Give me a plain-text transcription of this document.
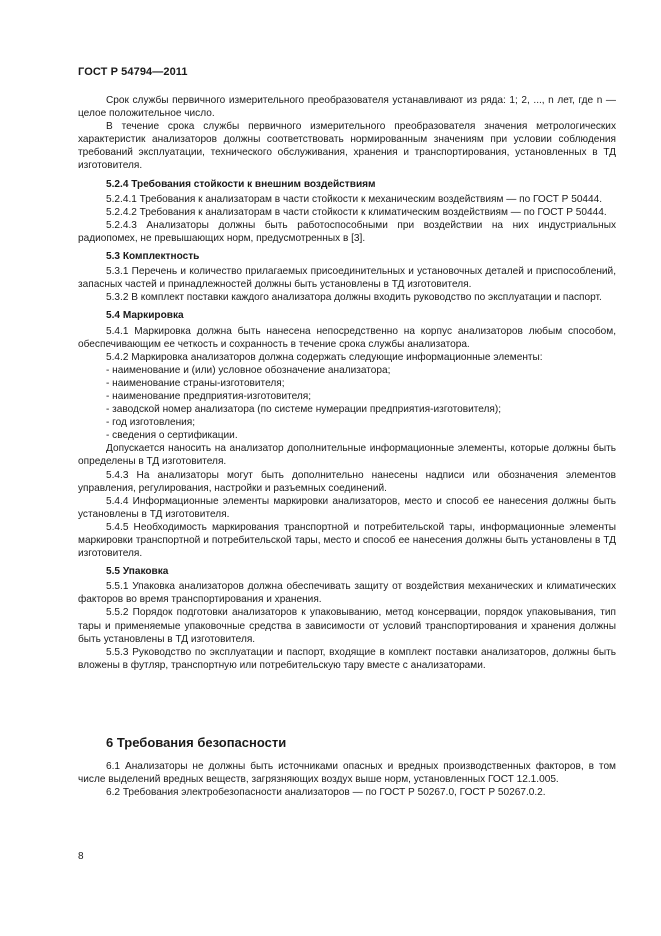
ГОСТ Р 54794—2011

Срок службы первичного измерительного преобразователя устанавливают из ряда: 1; 2, ..., n лет, где n — целое положительное число.

В течение срока службы первичного измерительного преобразователя значения метрологических характеристик анализаторов должны соответствовать нормированным значениям при условии соблюдения требований эксплуатации, технического обслуживания, хранения и транспортирования, установленных в ТД изготовителя.

5.2.4 Требования стойкости к внешним воздействиям

5.2.4.1 Требования к анализаторам в части стойкости к механическим воздействиям — по ГОСТ Р 50444.

5.2.4.2 Требования к анализаторам в части стойкости к климатическим воздействиям — по ГОСТ Р 50444.

5.2.4.3 Анализаторы должны быть работоспособными при воздействии на них индустриальных радиопомех, не превышающих норм, предусмотренных в [3].

5.3 Комплектность

5.3.1 Перечень и количество прилагаемых присоединительных и установочных деталей и приспособлений, запасных частей и принадлежностей должны быть установлены в ТД изготовителя.

5.3.2 В комплект поставки каждого анализатора должны входить руководство по эксплуатации и паспорт.

5.4 Маркировка

5.4.1 Маркировка должна быть нанесена непосредственно на корпус анализаторов любым способом, обеспечивающим ее четкость и сохранность в течение срока службы анализатора.

5.4.2 Маркировка анализаторов должна содержать следующие информационные элементы:

- наименование и (или) условное обозначение анализатора;

- наименование страны-изготовителя;

- наименование предприятия-изготовителя;

- заводской номер анализатора (по системе нумерации предприятия-изготовителя);

- год изготовления;

- сведения о сертификации.

Допускается наносить на анализатор дополнительные информационные элементы, которые должны быть определены в ТД изготовителя.

5.4.3 На анализаторы могут быть дополнительно нанесены надписи или обозначения элементов управления, регулирования, настройки и разъемных соединений.

5.4.4 Информационные элементы маркировки анализаторов, место и способ ее нанесения должны быть установлены в ТД изготовителя.

5.4.5 Необходимость маркирования транспортной и потребительской тары, информационные элементы маркировки транспортной и потребительской тары, место и способ ее нанесения должны быть установлены в ТД изготовителя.

5.5 Упаковка

5.5.1 Упаковка анализаторов должна обеспечивать защиту от воздействия механических и климатических факторов во время транспортирования и хранения.

5.5.2 Порядок подготовки анализаторов к упаковыванию, метод консервации, порядок упаковывания, тип тары и применяемые упаковочные средства в зависимости от условий транспортирования и хранения должны быть установлены в ТД изготовителя.

5.5.3 Руководство по эксплуатации и паспорт, входящие в комплект поставки анализаторов, должны быть вложены в футляр, транспортную или потребительскую тару вместе с анализаторами.

6 Требования безопасности

6.1 Анализаторы не должны быть источниками опасных и вредных производственных факторов, в том числе выделений вредных веществ, загрязняющих воздух выше норм, установленных ГОСТ 12.1.005.

6.2 Требования электробезопасности анализаторов — по ГОСТ Р 50267.0, ГОСТ Р 50267.0.2.

8
